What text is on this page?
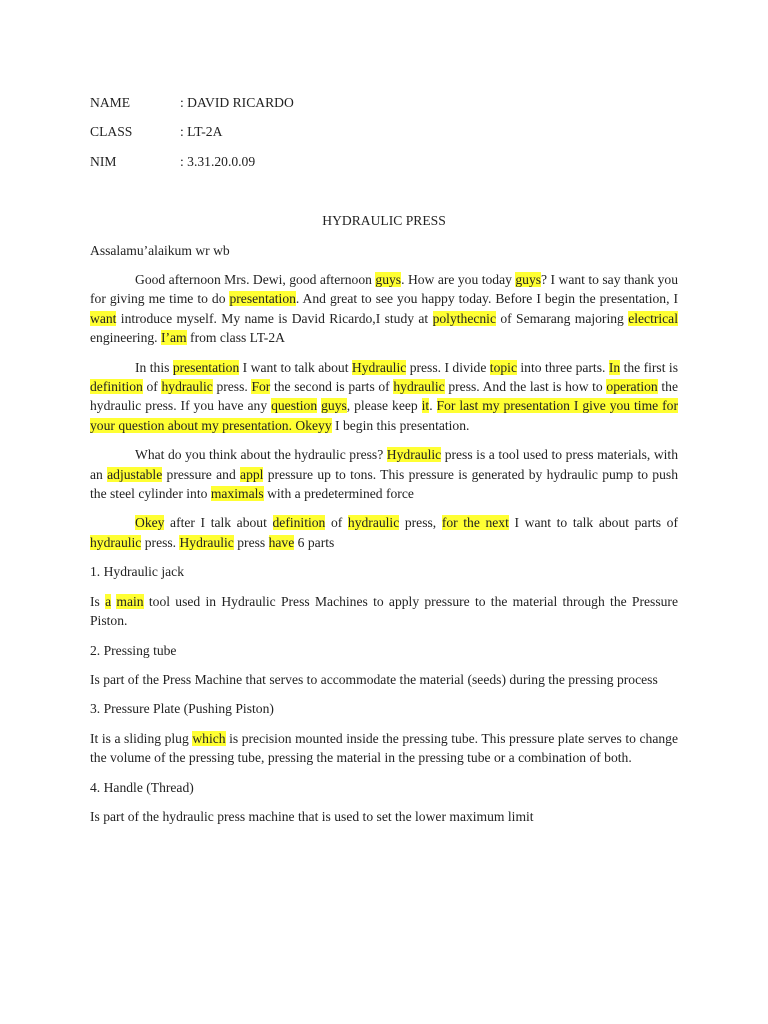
NAME	: DAVID RICARDO
CLASS	: LT-2A
NIM	: 3.31.20.0.09
HYDRAULIC PRESS
Assalamu’alaikum wr wb

Good afternoon Mrs. Dewi, good afternoon guys. How are you today guys? I want to say thank you for giving me time to do presentation. And great to see you happy today. Before I begin the presentation, I want introduce myself. My name is David Ricardo,I study at polythecnic of Semarang majoring electrical engineering. I’am from class LT-2A

In this presentation I want to talk about Hydraulic press. I divide topic into three parts. In the first is definition of hydraulic press. For the second is parts of hydraulic press. And the last is how to operation the hydraulic press. If you have any question guys, please keep it. For last my presentation I give you time for your question about my presentation. Okeyy I begin this presentation.

What do you think about the hydraulic press? Hydraulic press is a tool used to press materials, with an adjustable pressure and appl pressure up to tons. This pressure is generated by hydraulic pump to push the steel cylinder into maximals with a predetermined force

Okey after I talk about definition of hydraulic press, for the next I want to talk about parts of hydraulic press. Hydraulic press have 6 parts

1. Hydraulic jack

Is a main tool used in Hydraulic Press Machines to apply pressure to the material through the Pressure Piston.

2. Pressing tube

Is part of the Press Machine that serves to accommodate the material (seeds) during the pressing process

3. Pressure Plate (Pushing Piston)

It is a sliding plug which is precision mounted inside the pressing tube. This pressure plate serves to change the volume of the pressing tube, pressing the material in the pressing tube or a combination of both.

4. Handle (Thread)

Is part of the hydraulic press machine that is used to set the lower maximum limit
